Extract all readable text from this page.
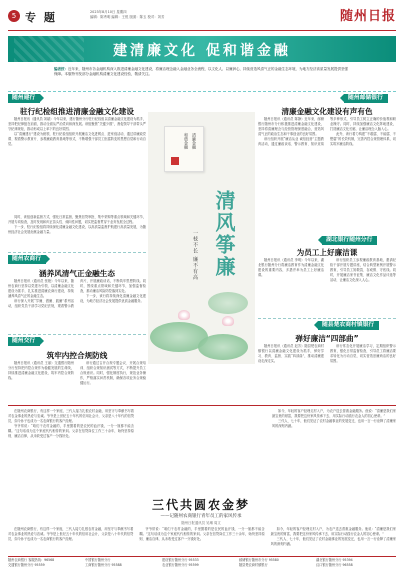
5 专 题	2023年8月10日 星期四
编辑：陈秀明 编辑：王悦 版面：陈玉 校对：刘芳	随州日报
建清廉文化 促和谐金融
编者按：近年来，随州市各金融机构深入推进清廉金融文化建设，将廉洁理念融入金融业务全流程，以文化人、以廉润心，持续营造风清气正的金融生态环境，为地方经济高质量发展提供坚强保障。本版特刊发部分金融机构清廉文化建设经验，敬请关注。
随州建行
驻行纪检组推进清廉金融文化建设

随州日报讯（通讯员 刘斌）今年以来，建行随州分行驻行纪检组以清廉金融文化建设为抓手，坚持把纪律挺在前面，推动全面从严治党向纵深发展。该组聚焦“关键少数”，督促领导干部带头严守纪律规矩，推动形成以上率下的良好氛围。

以“清廉建行”建设为统领，驻行纪检组组织开展廉洁文化进网点、进家庭活动，通过讲廉政党课、观看警示教育片、参观廉政教育基地等形式，不断增强干部员工拒腐防变的思想自觉和行动自觉。

同时，该组创新监督方式，强化日常监督，聚焦信贷审批、集中采购等重点领域和关键环节，开展专项检查，及时发现和纠正苗头性、倾向性问题，切实把监督贯穿于业务发展全过程。

下一步，驻行纪检组将持续深化清廉金融文化建设，以高质量监督护航建行高质量发展，为随州经济社会发展贡献金融力量。

随州邮储银行
清廉金融文化建设有声有色

随州日报讯（通讯员 陈静）近年来，邮储银行随州市分行积极推进清廉金融文化建设，坚持将清廉理念与经营管理深度融合，营造风清气正的政治生态和干事创业的良好氛围。

该行组织开展“廉洁从业 诚信经营”主题教育活动，通过廉政谈话、警示教育、知识竞赛等多种形式，引导员工树立正确的价值观和职业操守。同时，持续加强廉洁文化阵地建设，打造廉洁文化长廊，让廉洁理念入脑入心。

此外，该行着力构建“不敢腐、不能腐、不想腐”的长效机制，完善内控合规管理体系，切实筑牢廉洁防线。

清廉金融
和谐金融
清风筝廉
一枝不长 廉不有高
随州农商行
涵养风清气正金融生态

随州日报讯（通讯员 张艳）今年以来，随州农商行坚持以党建为引领，以清廉金融文化建设为抓手，扎实推进清廉农商行建设，持续涵养风清气正的金融生态。

该行深入开展“学廉、倡廉、践廉”系列活动，组织党员干部学习党纪法规，观看警示教育片，开展廉政谈话，不断筑牢思想防线。同时，围绕重点领域和关键环节，加强监督检查，推动廉洁风险防控落到实处。

下一步，该行将持续深化清廉金融文化建设，为地方经济社会发展提供优质金融服务。

随州交行
筑牢内控合规防线

随州日报讯（通讯员 王丽）交通银行随州分行坚持把内控合规作为稳健发展的生命线，持续推进清廉金融文化建设，筑牢内控合规防线。

该行通过召开合规专题会议、开展合规培训、组织合规知识测试等方式，不断提升员工合规意识。同时，强化制度执行，规范业务操作，严格落实问责机制，确保各项业务合规稳健运行。

湖北银行随州分行
为员工上好廉洁课

随州日报讯（通讯员 李明）今年以来，湖北银行随州分行将廉洁教育作为清廉金融文化建设的重要内容，多措并举为员工上好廉洁课。

该行组织员工参观廉政教育基地，邀请纪检干部开展专题讲座，结合典型案例开展警示教育，引导员工知敬畏、存戒惧、守底线。同时，开展廉洁家书征集、廉洁文化作品评选等活动，让廉洁文化深入人心。

随县楚农商村镇银行
弹好廉洁“四部曲”

随州日报讯（通讯员 赵芳）随县楚农商村镇银行以清廉金融文化建设为抓手，弹好学习、教育、监督、实践“四部曲”，推动清廉建设走深走实。

该行常态化开展廉洁学习，定期组织警示教育，强化日常监督检查，引导员工将廉洁要求转化为行动自觉，切实营造崇廉尚洁的良好氛围。

三代共圆农金梦
——记随州农商银行青年员工的家风传承
随州日报通讯员 吴琳 周文

在随州农商银行，有这样一个家庭，三代人接力扎根农村金融，用坚守与奉献书写着对农金事业的热爱与忠诚。爷爷是上世纪五十年代的信用社会计，父亲是八十年代的信贷员，如今孙子也成为一名农商银行的客户经理。

爷爷常说：“咱们干农村金融的，手里握着的是农民的血汗钱，一分一厘都不能含糊。”这句话成为这个家庭代代相传的家训。父亲在信贷岗位工作三十余年，始终坚持原则、廉洁自律，从未收受过客户一分钱好处。

如今，年轻的客户经理走村入户，为农户送去普惠金融服务。他说：“清廉是我们家最宝贵的财富，我要把这份家风传承下去，用实际行动践行农金人的初心使命。”

三代人、七十年，他们见证了农村金融事业的发展变迁，也用一言一行诠释了清廉家风的深刻内涵。

在随州农商银行，有这样一个家庭，三代人接力扎根农村金融，用坚守与奉献书写着对农金事业的热爱与忠诚。爷爷是上世纪五十年代的信用社会计，父亲是八十年代的信贷员，如今孙子也成为一名农商银行的客户经理。

爷爷常说：“咱们干农村金融的，手里握着的是农民的血汗钱，一分一厘都不能含糊。”这句话成为这个家庭代代相传的家训。父亲在信贷岗位工作三十余年，始终坚持原则、廉洁自律，从未收受过客户一分钱好处。

如今，年轻的客户经理走村入户，为农户送去普惠金融服务。他说：“清廉是我们家最宝贵的财富，我要把这份家风传承下去，用实际行动践行农金人的初心使命。”

三代人、七十年，他们见证了农村金融事业的发展变迁，也用一言一行诠释了清廉家风的深刻内涵。

随州农商银行 客服热线：96568	中国银行随州分行	建设银行随州分行 95533	邮储银行随州市分行 95580	湖北银行随州分行 95394
交通银行随州分行 95559	工商银行随州分行 95588	农业银行随州分行 95599	随县楚农商村镇银行	汉口银行随州分行 96558
